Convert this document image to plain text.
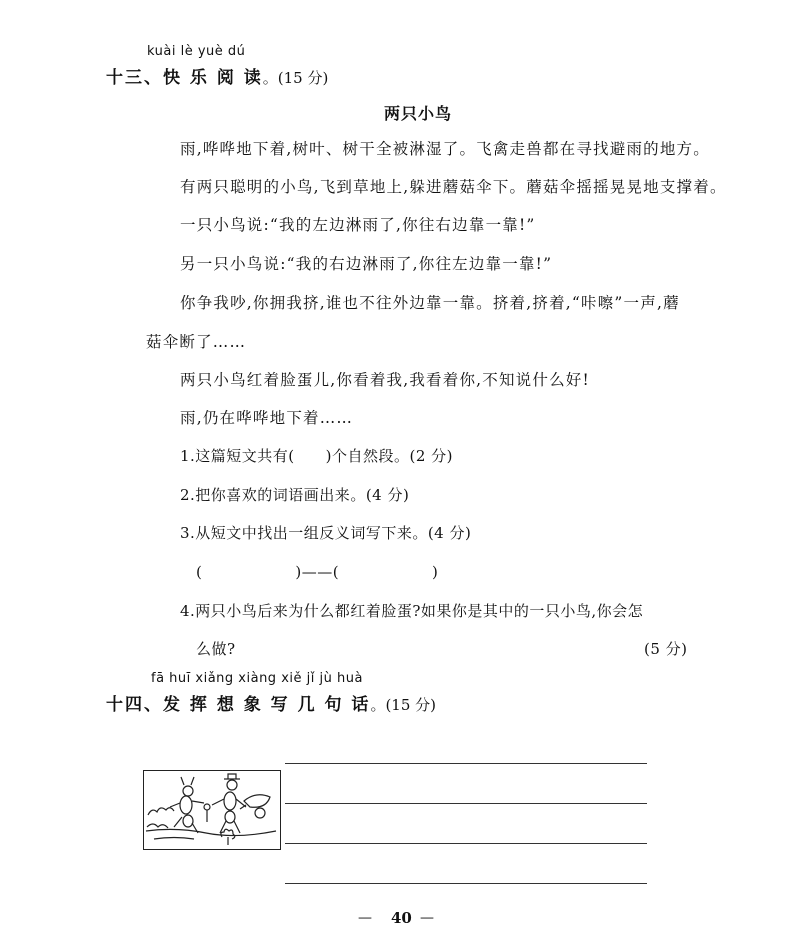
kuài lè yuè dú
十三、快 乐 阅 读。(15 分)
两只小鸟
雨,哗哗地下着,树叶、树干全被淋湿了。飞禽走兽都在寻找避雨的地方。
有两只聪明的小鸟,飞到草地上,躲进蘑菇伞下。蘑菇伞摇摇晃晃地支撑着。
一只小鸟说:“我的左边淋雨了,你往右边靠一靠!”
另一只小鸟说:“我的右边淋雨了,你往左边靠一靠!”
你争我吵,你拥我挤,谁也不往外边靠一靠。挤着,挤着,“咔嚓”一声,蘑
菇伞断了……
两只小鸟红着脸蛋儿,你看着我,我看着你,不知说什么好!
雨,仍在哗哗地下着……
1.这篇短文共有(　　)个自然段。(2 分)
2.把你喜欢的词语画出来。(4 分)
3.从短文中找出一组反义词写下来。(4 分)
(　　　　　　)——(　　　　　　)
4.两只小鸟后来为什么都红着脸蛋?如果你是其中的一只小鸟,你会怎
么做?	(5 分)
fā huī xiǎng xiàng xiě jǐ jù huà
十四、发 挥 想 象 写 几 句 话。(15 分)
— 40 —
